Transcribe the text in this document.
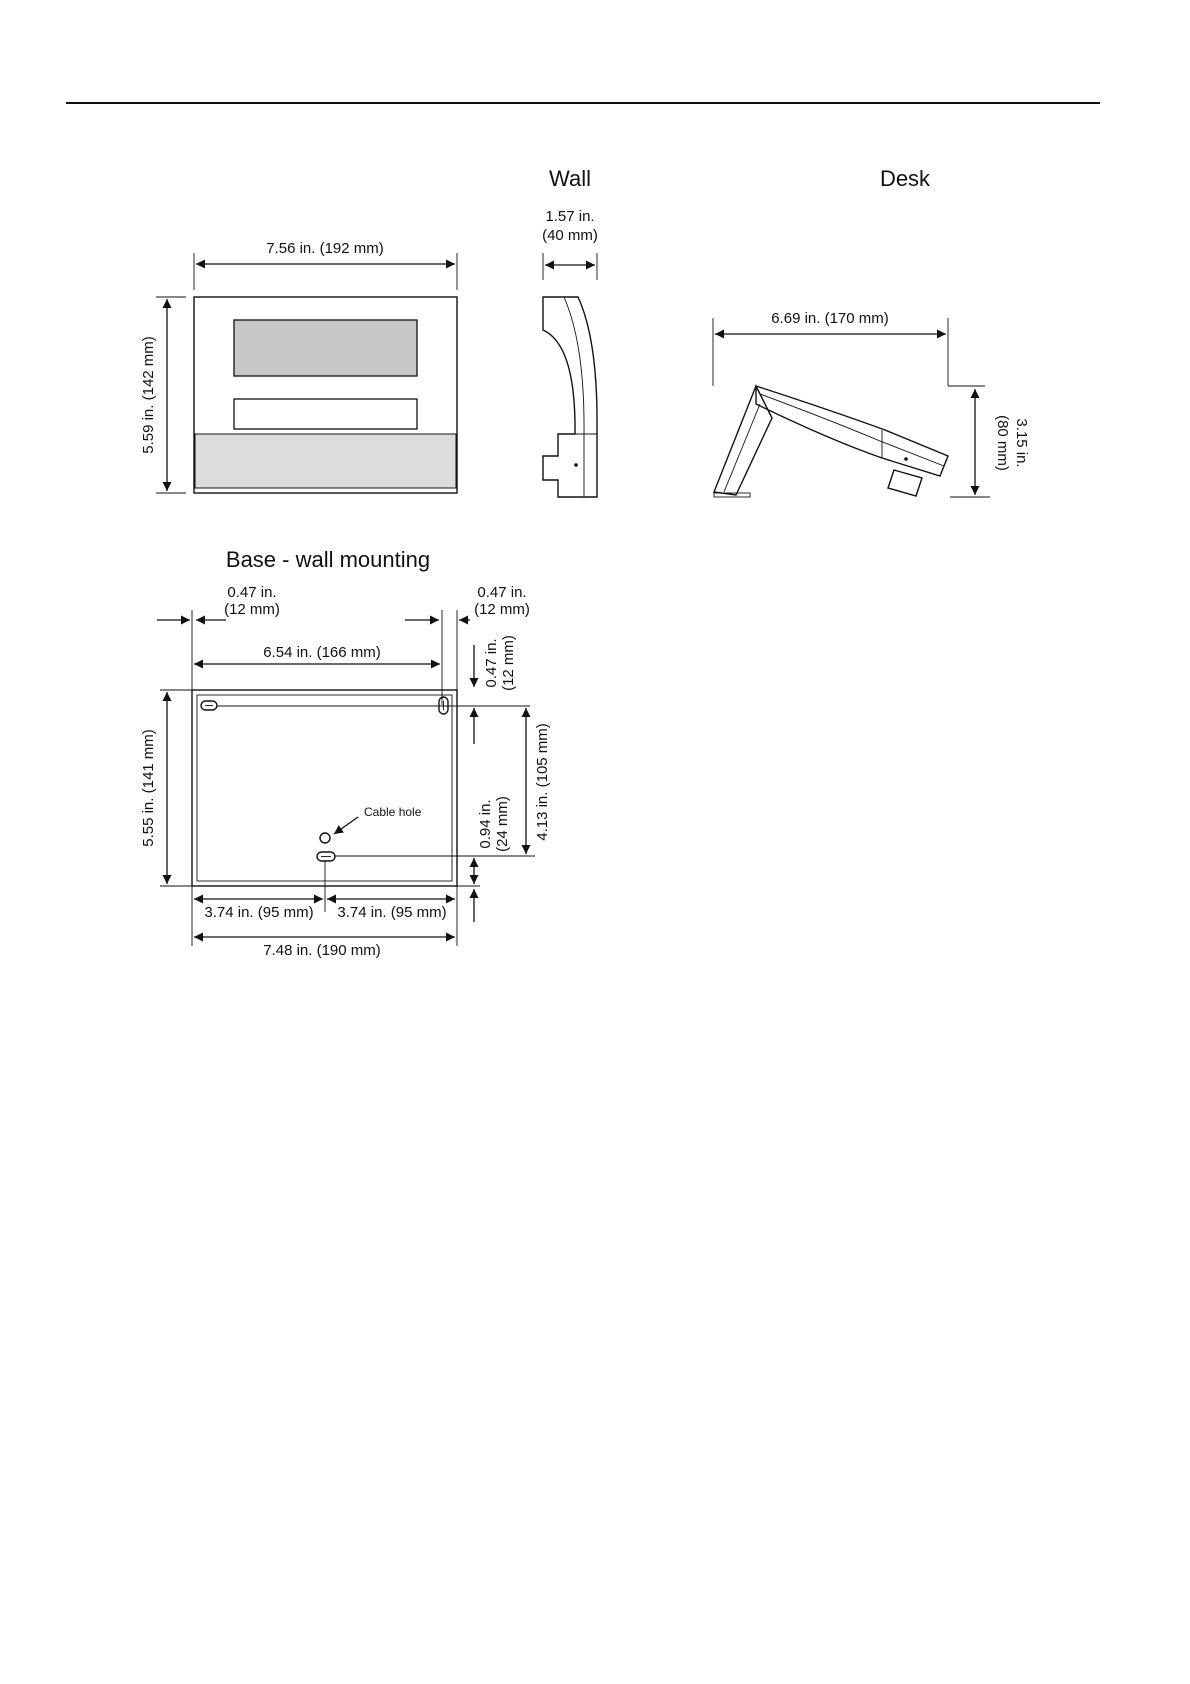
7.56 in. (192 mm)
5.59 in. (142 mm)
Wall
1.57 in.
(40 mm)
Desk
6.69 in. (170 mm)
3.15 in.
(80 mm)
Base - wall mounting
0.47 in.
(12 mm)
0.47 in.
(12 mm)
6.54 in. (166 mm)	0.47 in. (12 mm)
Cable hole
5.55 in. (141 mm)	4.13 in. (105 mm)
0.94 in. (24 mm)
3.74 in. (95 mm) 3.74 in. (95 mm)
7.48 in. (190 mm)
